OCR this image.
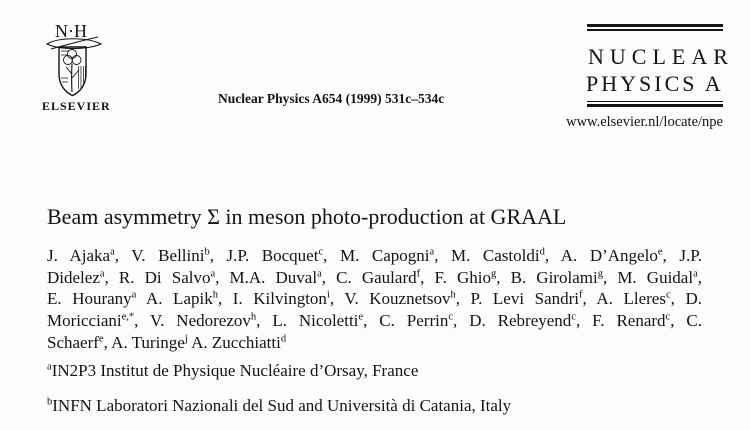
N·H
ELSEVIER	Nuclear Physics A654 (1999) 531c–534c
NUCLEAR
PHYSICS A
www.elsevier.nl/locate/npe
Beam asymmetry Σ in meson photo-production at GRAAL
J. Ajaka$^a$, V. Bellini$^b$, J.P. Bocquet$^c$, M. Capogni$^a$, M. Castoldi$^d$, A. D’Angelo$^e$, J.P.
Didelez$^a$, R. Di Salvo$^a$, M.A. Duval$^a$, C. Gaulard$^f$, F. Ghio$^g$, B. Girolami$^g$, M. Guidal$^a$,
E. Hourany$^a$ A. Lapik$^h$, I. Kilvington$^i$, V. Kouznetsov$^h$, P. Levi Sandri$^f$, A. Lleres$^c$, D.
Moricciani$^{e,*}$, V. Nedorezov$^h$, L. Nicoletti$^e$, C. Perrin$^c$, D. Rebreyend$^c$, F. Renard$^c$, C.
Schaerf$^e$, A. Turinge$^j$ A. Zucchiatti$^d$
$^a$IN2P3 Institut de Physique Nucléaire d’Orsay, France
$^b$INFN Laboratori Nazionali del Sud and Università di Catania, Italy
